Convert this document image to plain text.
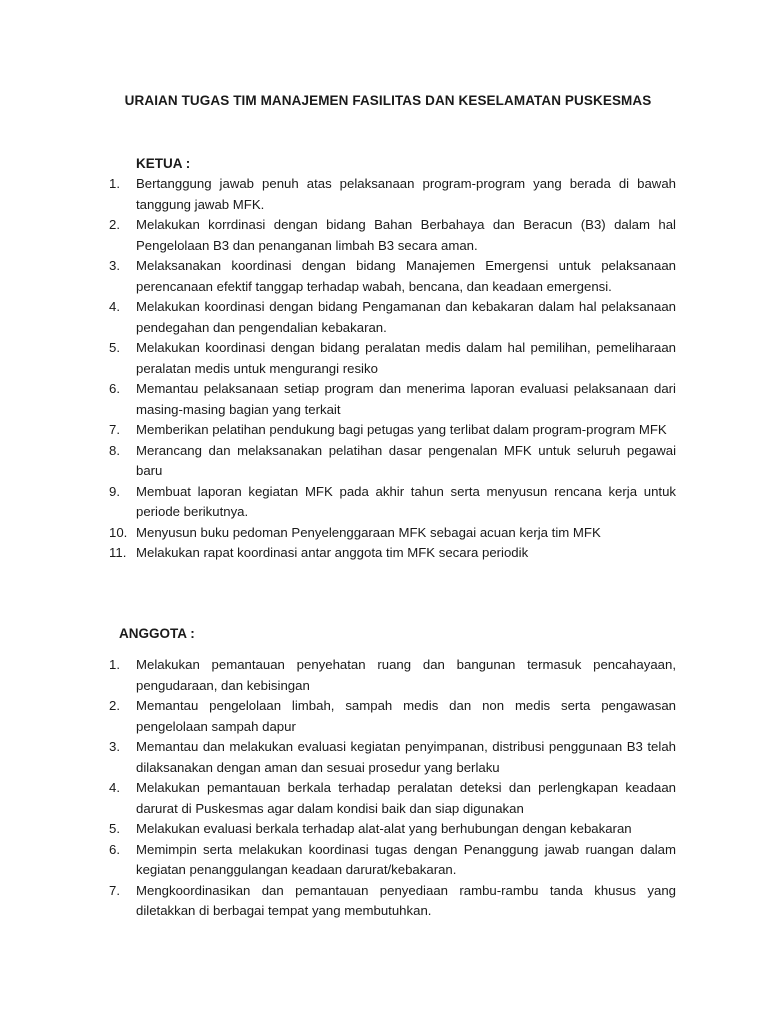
URAIAN TUGAS TIM MANAJEMEN FASILITAS DAN KESELAMATAN PUSKESMAS
KETUA :
1.	Bertanggung jawab penuh atas pelaksanaan program-program yang berada di bawah tanggung jawab MFK.
2.	Melakukan korrdinasi dengan bidang Bahan Berbahaya dan Beracun (B3) dalam hal Pengelolaan B3 dan penanganan limbah B3 secara aman.
3.	Melaksanakan koordinasi dengan bidang Manajemen Emergensi untuk pelaksanaan perencanaan efektif tanggap terhadap wabah, bencana, dan keadaan emergensi.
4.	Melakukan koordinasi dengan bidang Pengamanan dan kebakaran dalam hal pelaksanaan pendegahan dan pengendalian kebakaran.
5.	Melakukan koordinasi dengan bidang peralatan medis dalam hal pemilihan, pemeliharaan peralatan medis untuk mengurangi resiko
6.	Memantau pelaksanaan setiap program dan menerima laporan evaluasi pelaksanaan dari masing-masing bagian yang terkait
7.	Memberikan pelatihan pendukung bagi petugas yang terlibat dalam program-program MFK
8.	Merancang dan melaksanakan pelatihan dasar pengenalan MFK untuk seluruh pegawai baru
9.	Membuat laporan kegiatan MFK pada akhir tahun serta menyusun rencana kerja untuk periode berikutnya.
10. Menyusun buku pedoman Penyelenggaraan MFK sebagai acuan kerja tim MFK
11. Melakukan rapat koordinasi antar anggota tim MFK secara periodik
ANGGOTA :
1.	Melakukan pemantauan penyehatan ruang dan bangunan termasuk pencahayaan, pengudaraan, dan kebisingan
2.	Memantau pengelolaan limbah, sampah medis dan non medis serta pengawasan pengelolaan sampah dapur
3.	Memantau dan melakukan evaluasi kegiatan penyimpanan, distribusi penggunaan B3 telah dilaksanakan dengan aman dan sesuai prosedur yang berlaku
4.	Melakukan pemantauan berkala terhadap peralatan deteksi dan perlengkapan keadaan darurat di Puskesmas agar dalam kondisi baik dan siap digunakan
5.	Melakukan evaluasi berkala terhadap alat-alat yang berhubungan dengan kebakaran
6.	Memimpin serta melakukan koordinasi tugas dengan Penanggung jawab ruangan dalam kegiatan penanggulangan keadaan darurat/kebakaran.
7.	Mengkoordinasikan dan pemantauan penyediaan rambu-rambu tanda khusus yang diletakkan di berbagai tempat yang membutuhkan.
